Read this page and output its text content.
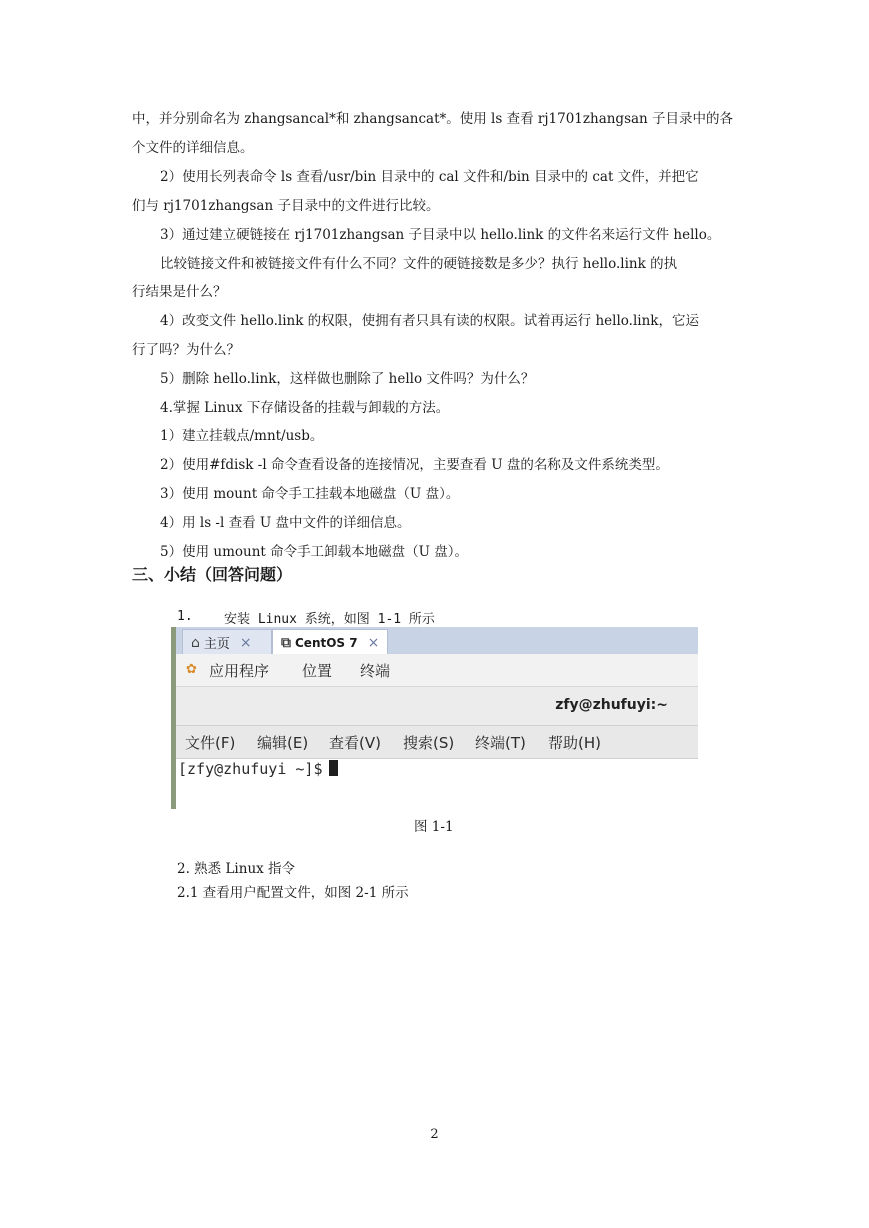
中，并分别命名为 zhangsancal*和 zhangsancat*。使用 ls 查看 rj1701zhangsan 子目录中的各
个文件的详细信息。
2）使用长列表命令 ls 查看/usr/bin 目录中的 cal 文件和/bin 目录中的 cat 文件，并把它
们与 rj1701zhangsan 子目录中的文件进行比较。
3）通过建立硬链接在 rj1701zhangsan 子目录中以 hello.link 的文件名来运行文件 hello。
比较链接文件和被链接文件有什么不同？文件的硬链接数是多少？执行 hello.link 的执
行结果是什么？
4）改变文件 hello.link 的权限，使拥有者只具有读的权限。试着再运行 hello.link，它运
行了吗？为什么？
5）删除 hello.link，这样做也删除了 hello 文件吗？为什么？
4.掌握 Linux 下存储设备的挂载与卸载的方法。
1）建立挂载点/mnt/usb。
2）使用#fdisk -l 命令查看设备的连接情况，主要查看 U 盘的名称及文件系统类型。
3）使用 mount 命令手工挂载本地磁盘（U 盘）。
4）用 ls -l 查看 U 盘中文件的详细信息。
5）使用 umount 命令手工卸载本地磁盘（U 盘）。
三、小结（回答问题）
1. 安装 Linux 系统，如图 1-1 所示
⌂ 主页 × ⧉ CentOS 7 ×
✿ 应用程序 位置 终端
zfy@zhufuyi:~
文件(F) 编辑(E) 查看(V) 搜索(S) 终端(T) 帮助(H)
[zfy@zhufuyi ~]$
图 1-1
2. 熟悉 Linux 指令
2.1 查看用户配置文件，如图 2-1 所示
2
